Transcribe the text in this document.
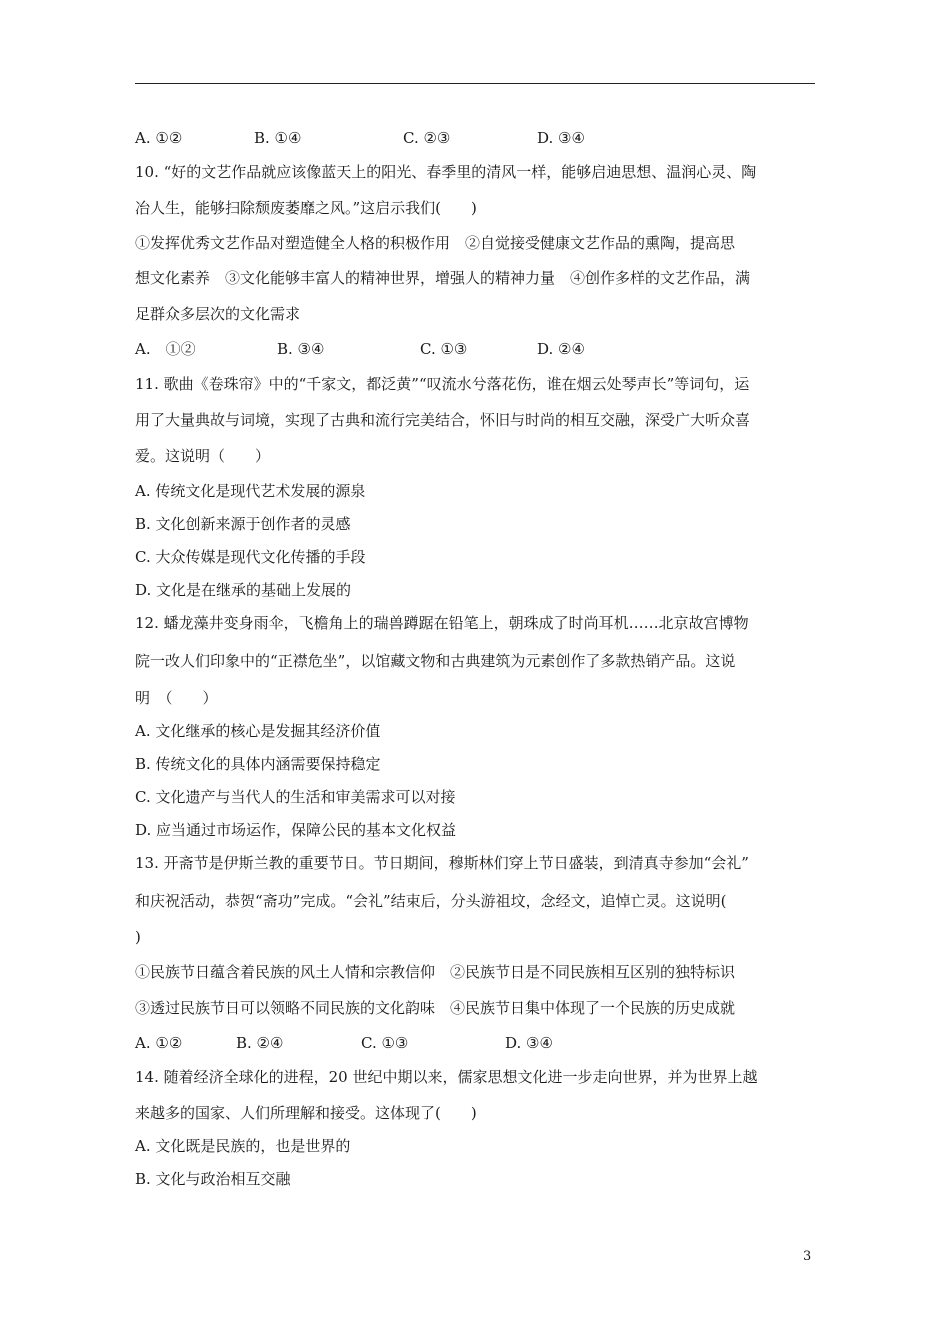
A. ①②	B. ①④	C. ②③	D. ③④
10. “好的文艺作品就应该像蓝天上的阳光、春季里的清风一样，能够启迪思想、温润心灵、陶
冶人生，能够扫除颓废萎靡之风。”这启示我们(　　)
①发挥优秀文艺作品对塑造健全人格的积极作用　②自觉接受健康文艺作品的熏陶，提高思
想文化素养　③文化能够丰富人的精神世界，增强人的精神力量　④创作多样的文艺作品，满
足群众多层次的文化需求
A.　①②	B. ③④	C. ①③	D. ②④
11. 歌曲《卷珠帘》中的“千家文，都泛黄”“叹流水兮落花伤，谁在烟云处琴声长”等词句，运
用了大量典故与词境，实现了古典和流行完美结合，怀旧与时尚的相互交融，深受广大听众喜
爱。这说明（　　）
A. 传统文化是现代艺术发展的源泉
B. 文化创新来源于创作者的灵感
C. 大众传媒是现代文化传播的手段
D. 文化是在继承的基础上发展的
12. 蟠龙藻井变身雨伞，飞檐角上的瑞兽蹲踞在铅笔上，朝珠成了时尚耳机……北京故宫博物
院一改人们印象中的“正襟危坐”，以馆藏文物和古典建筑为元素创作了多款热销产品。这说
明　（　　）
A. 文化继承的核心是发掘其经济价值
B. 传统文化的具体内涵需要保持稳定
C. 文化遗产与当代人的生活和审美需求可以对接
D. 应当通过市场运作，保障公民的基本文化权益
13. 开斋节是伊斯兰教的重要节日。节日期间，穆斯林们穿上节日盛装，到清真寺参加“会礼”
和庆祝活动，恭贺“斋功”完成。“会礼”结束后，分头游祖坟，念经文，追悼亡灵。这说明(
)
①民族节日蕴含着民族的风土人情和宗教信仰　②民族节日是不同民族相互区别的独特标识
③透过民族节日可以领略不同民族的文化韵味　④民族节日集中体现了一个民族的历史成就
A. ①②	B. ②④	C. ①③	D. ③④
14. 随着经济全球化的进程，20 世纪中期以来，儒家思想文化进一步走向世界，并为世界上越
来越多的国家、人们所理解和接受。这体现了(　　)
A. 文化既是民族的，也是世界的
B. 文化与政治相互交融
3
